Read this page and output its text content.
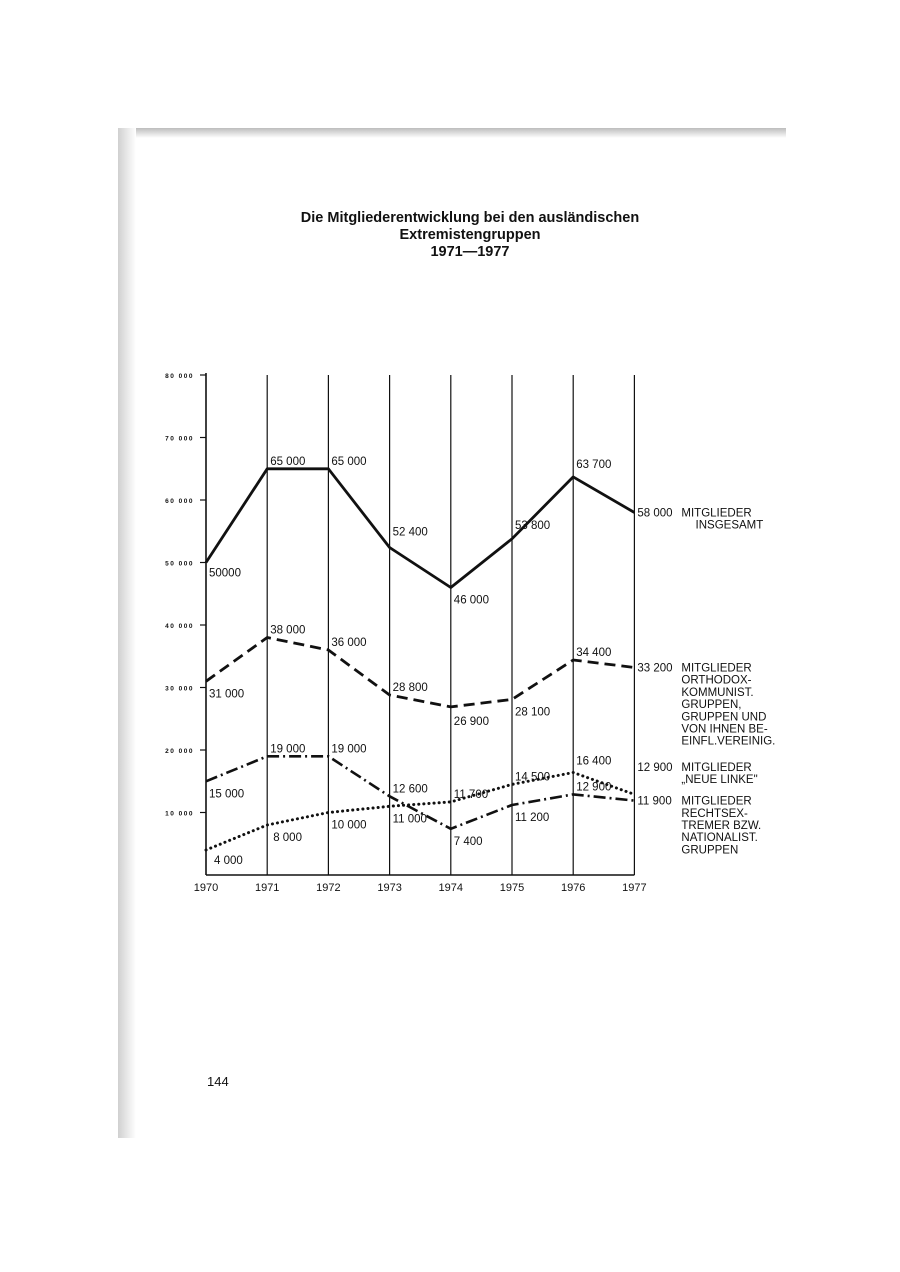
Die Mitgliederentwicklung bei den ausländischen
Extremistengruppen
1971—1977
1970	1971	1972	1973	1974	1975	1976	1977
10 000
20 000
30 000
40 000
50 000
60 000
70 000
80 000
50000
65 000 65 000
52 400
46 000
53 800
63 700
31 000
38 000
36 000
28 800
26 900
28 100
34 400
4 000
8 000
10 000
11 000
11 700
14 500
16 400
15 000
19 000 19 000
12 600
7 400
11 200
12 900
58 000 MITGLIEDER
INSGESAMT
33 200 MITGLIEDER
ORTHODOX-
KOMMUNIST.
GRUPPEN,
GRUPPEN UND
VON IHNEN BE-
EINFL.VEREINIG.
12 900 MITGLIEDER
„NEUE LINKE"
11 900 MITGLIEDER
RECHTSEX-
TREMER BZW.
NATIONALIST.
GRUPPEN
144
